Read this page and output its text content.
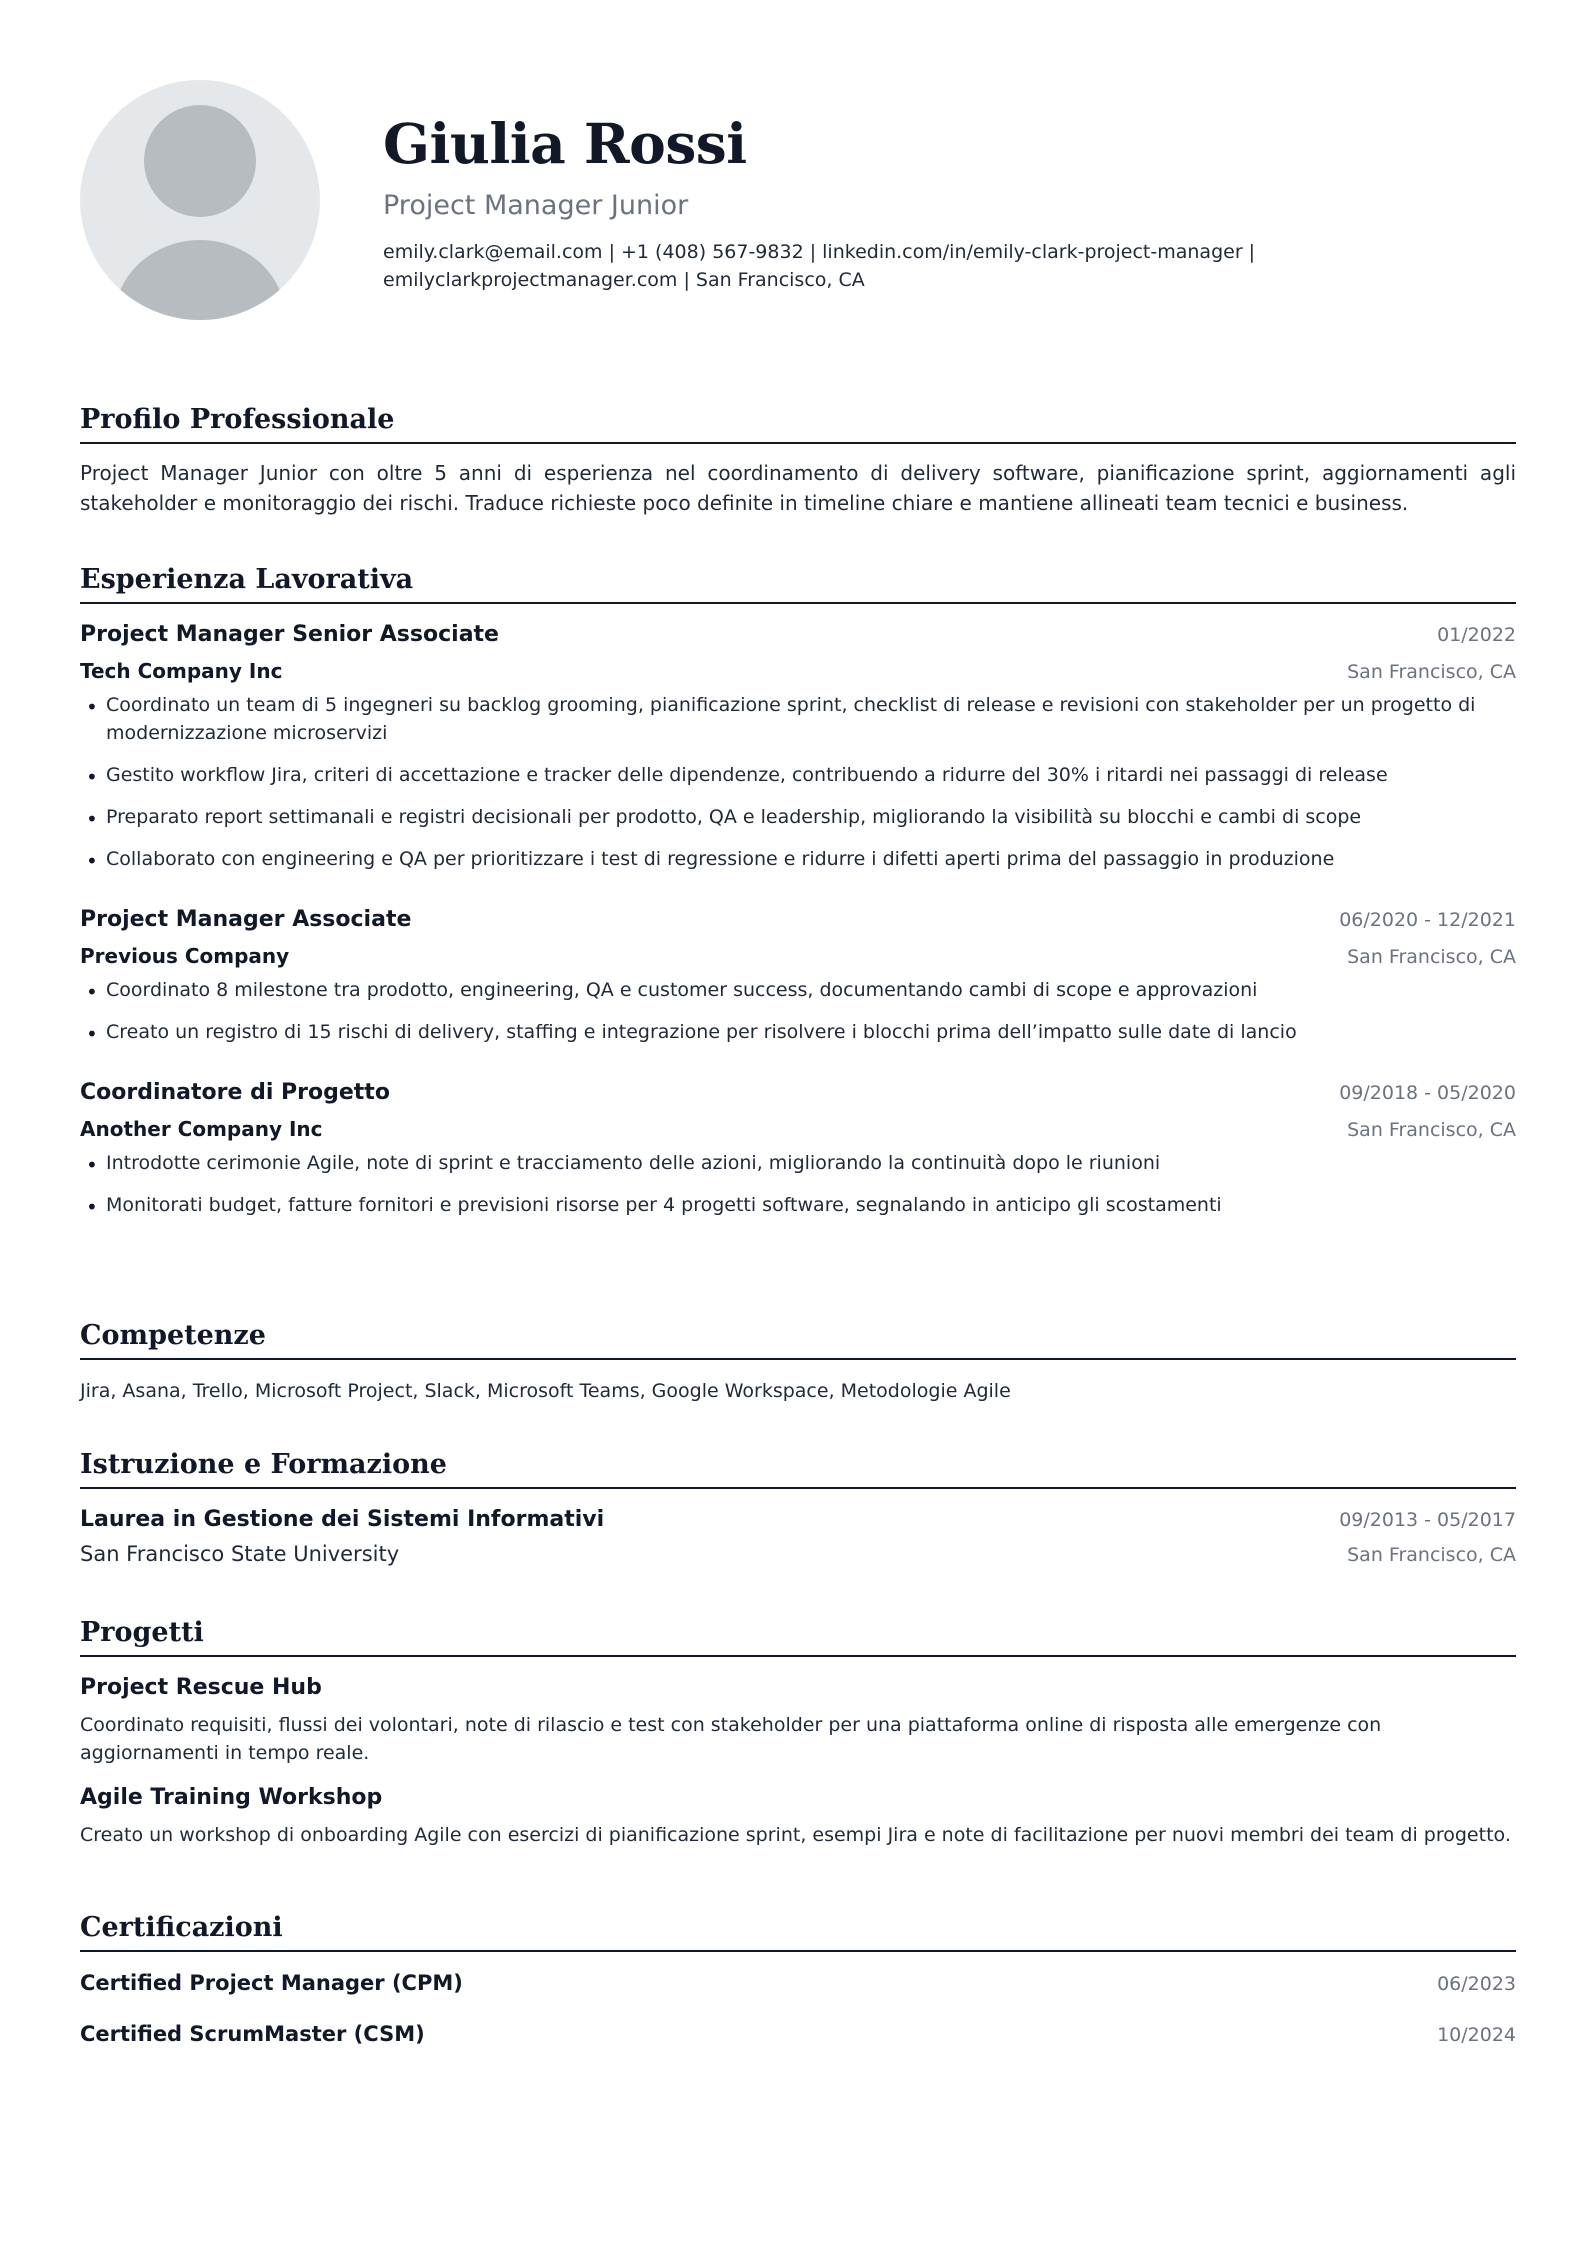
Giulia Rossi
Project Manager Junior
emily.clark@email.com | +1 (408) 567-9832 | linkedin.com/in/emily-clark-project-manager |
emilyclarkprojectmanager.com | San Francisco, CA
Profilo Professionale
Project Manager Junior con oltre 5 anni di esperienza nel coordinamento di delivery software, pianificazione sprint, aggiornamenti agli stakeholder e monitoraggio dei rischi. Traduce richieste poco definite in timeline chiare e mantiene allineati team tecnici e business.
Esperienza Lavorativa
Project Manager Senior Associate	01/2022
Tech Company Inc	San Francisco, CA
• Coordinato un team di 5 ingegneri su backlog grooming, pianificazione sprint, checklist di release e revisioni con stakeholder per un progetto di modernizzazione microservizi
• Gestito workflow Jira, criteri di accettazione e tracker delle dipendenze, contribuendo a ridurre del 30% i ritardi nei passaggi di release
• Preparato report settimanali e registri decisionali per prodotto, QA e leadership, migliorando la visibilità su blocchi e cambi di scope
• Collaborato con engineering e QA per prioritizzare i test di regressione e ridurre i difetti aperti prima del passaggio in produzione
Project Manager Associate	06/2020 - 12/2021
Previous Company	San Francisco, CA
• Coordinato 8 milestone tra prodotto, engineering, QA e customer success, documentando cambi di scope e approvazioni
• Creato un registro di 15 rischi di delivery, staffing e integrazione per risolvere i blocchi prima dell’impatto sulle date di lancio
Coordinatore di Progetto	09/2018 - 05/2020
Another Company Inc	San Francisco, CA
• Introdotte cerimonie Agile, note di sprint e tracciamento delle azioni, migliorando la continuità dopo le riunioni
• Monitorati budget, fatture fornitori e previsioni risorse per 4 progetti software, segnalando in anticipo gli scostamenti
Competenze
Jira, Asana, Trello, Microsoft Project, Slack, Microsoft Teams, Google Workspace, Metodologie Agile
Istruzione e Formazione
Laurea in Gestione dei Sistemi Informativi	09/2013 - 05/2017
San Francisco State University	San Francisco, CA
Progetti
Project Rescue Hub
Coordinato requisiti, flussi dei volontari, note di rilascio e test con stakeholder per una piattaforma online di risposta alle emergenze con aggiornamenti in tempo reale.
Agile Training Workshop
Creato un workshop di onboarding Agile con esercizi di pianificazione sprint, esempi Jira e note di facilitazione per nuovi membri dei team di progetto.
Certificazioni
Certified Project Manager (CPM)	06/2023
Certified ScrumMaster (CSM)	10/2024
